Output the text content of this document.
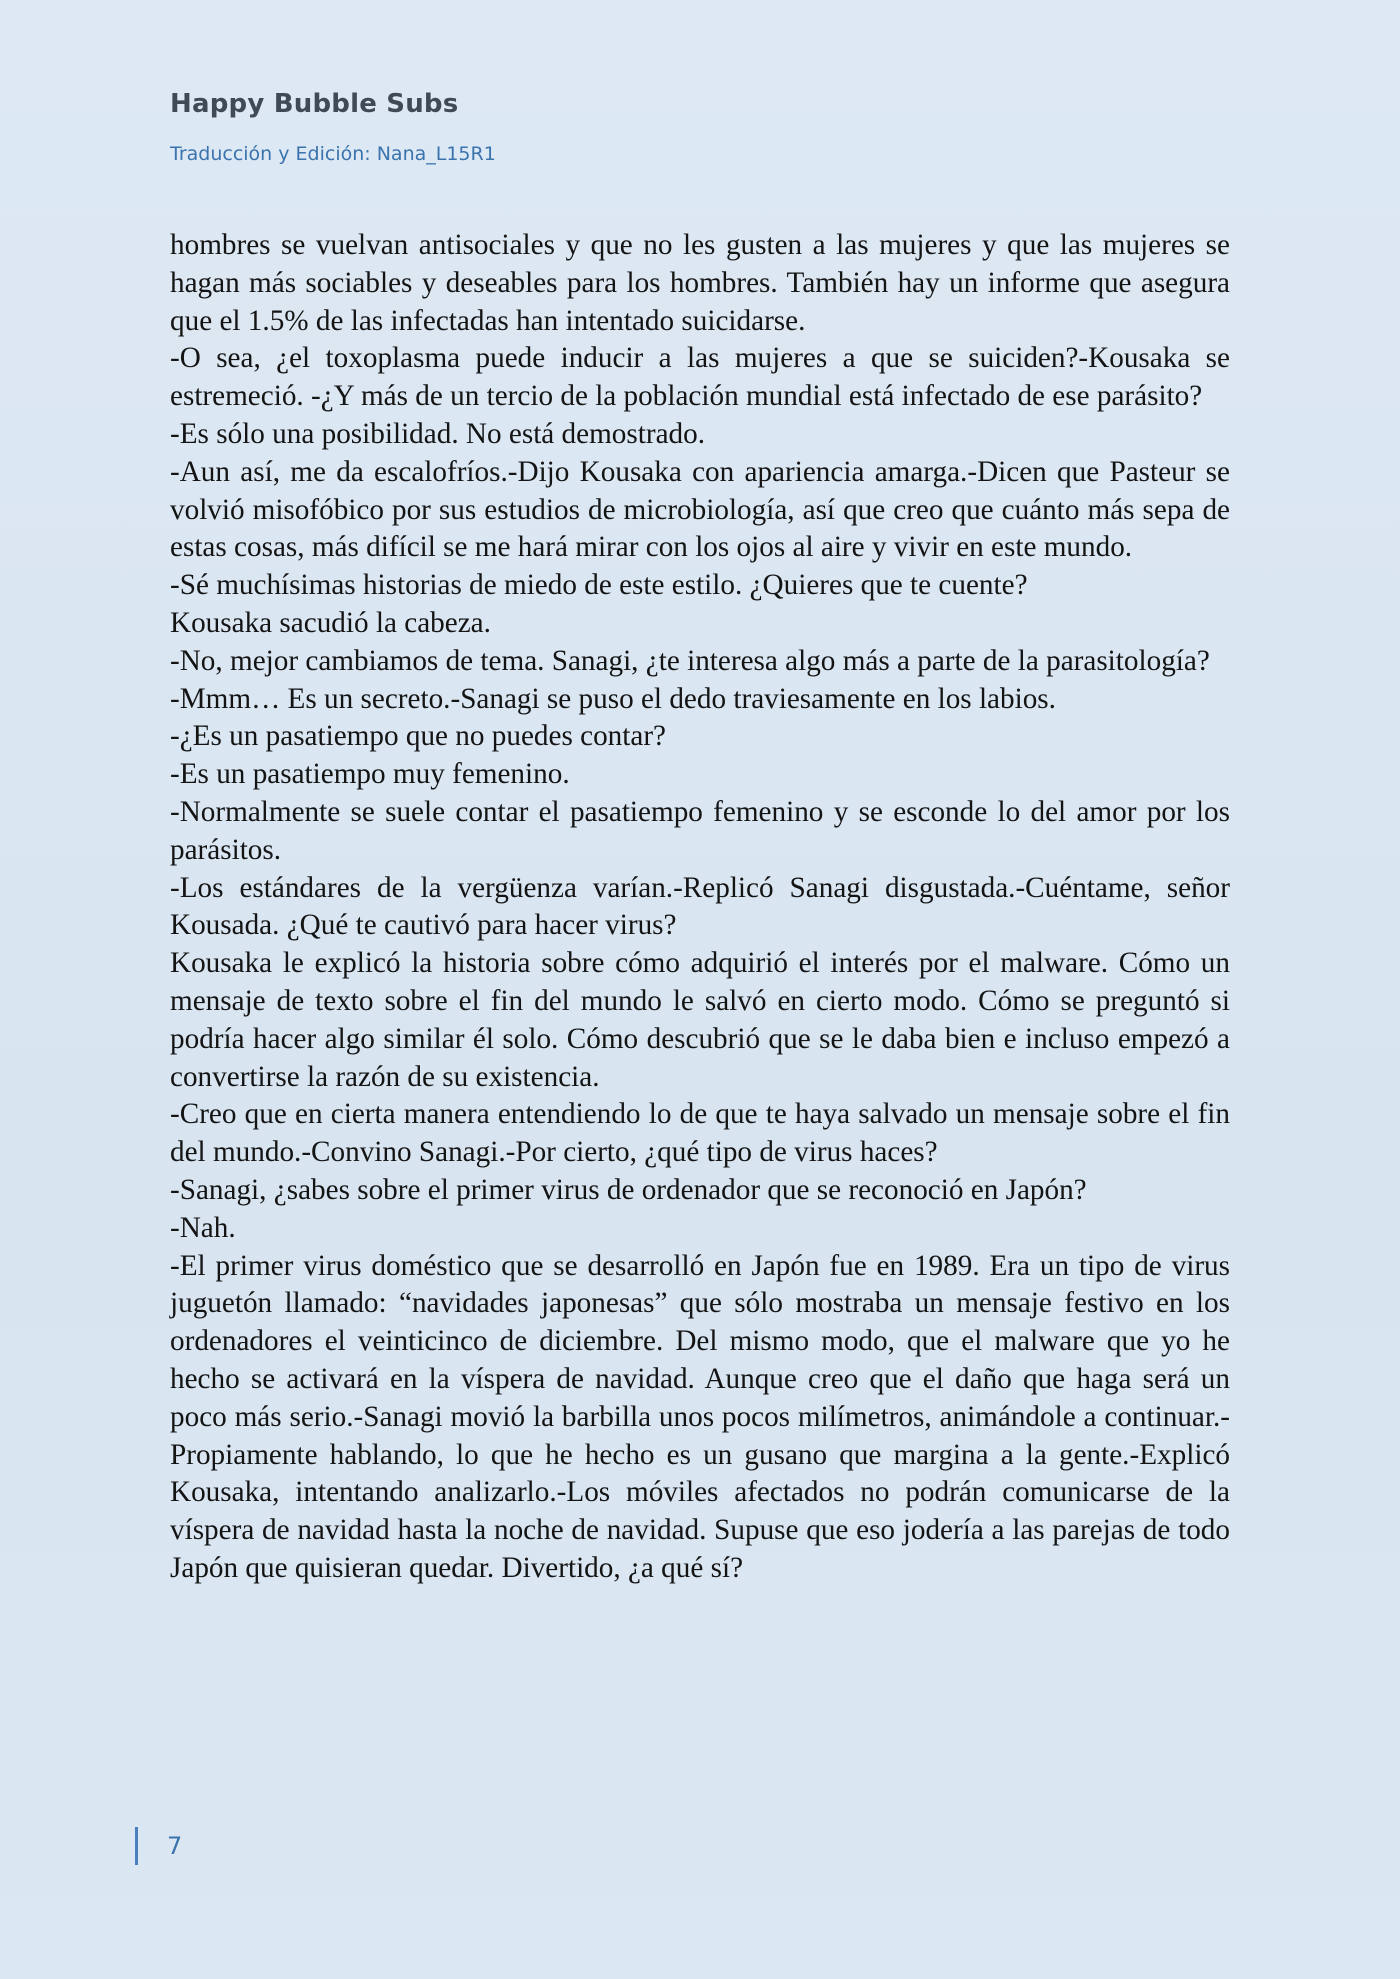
Happy Bubble Subs

Traducción y Edición: Nana_L15R1

hombres se vuelvan antisociales y que no les gusten a las mujeres y que las mujeres se hagan más sociables y deseables para los hombres. También hay un informe que asegura que el 1.5% de las infectadas han intentado suicidarse.

-O sea, ¿el toxoplasma puede inducir a las mujeres a que se suiciden?-Kousaka se estremeció. -¿Y más de un tercio de la población mundial está infectado de ese parásito?

-Es sólo una posibilidad. No está demostrado.

-Aun así, me da escalofríos.-Dijo Kousaka con apariencia amarga.-Dicen que Pasteur se volvió misofóbico por sus estudios de microbiología, así que creo que cuánto más sepa de estas cosas, más difícil se me hará mirar con los ojos al aire y vivir en este mundo.

-Sé muchísimas historias de miedo de este estilo. ¿Quieres que te cuente?

Kousaka sacudió la cabeza.

-No, mejor cambiamos de tema. Sanagi, ¿te interesa algo más a parte de la parasitología?

-Mmm… Es un secreto.-Sanagi se puso el dedo traviesamente en los labios.

-¿Es un pasatiempo que no puedes contar?

-Es un pasatiempo muy femenino.

-Normalmente se suele contar el pasatiempo femenino y se esconde lo del amor por los parásitos.

-Los estándares de la vergüenza varían.-Replicó Sanagi disgustada.-Cuéntame, señor Kousada. ¿Qué te cautivó para hacer virus?

Kousaka le explicó la historia sobre cómo adquirió el interés por el malware. Cómo un mensaje de texto sobre el fin del mundo le salvó en cierto modo. Cómo se preguntó si podría hacer algo similar él solo. Cómo descubrió que se le daba bien e incluso empezó a convertirse la razón de su existencia.

-Creo que en cierta manera entendiendo lo de que te haya salvado un mensaje sobre el fin del mundo.-Convino Sanagi.-Por cierto, ¿qué tipo de virus haces?

-Sanagi, ¿sabes sobre el primer virus de ordenador que se reconoció en Japón?

-Nah.

-El primer virus doméstico que se desarrolló en Japón fue en 1989. Era un tipo de virus juguetón llamado: “navidades japonesas” que sólo mostraba un mensaje festivo en los ordenadores el veinticinco de diciembre. Del mismo modo, que el malware que yo he hecho se activará en la víspera de navidad. Aunque creo que el daño que haga será un poco más serio.-Sanagi movió la barbilla unos pocos milímetros, animándole a continuar.-Propiamente hablando, lo que he hecho es un gusano que margina a la gente.-Explicó Kousaka, intentando analizarlo.-Los móviles afectados no podrán comunicarse de la víspera de navidad hasta la noche de navidad. Supuse que eso jodería a las parejas de todo Japón que quisieran quedar. Divertido, ¿a qué sí?

7
